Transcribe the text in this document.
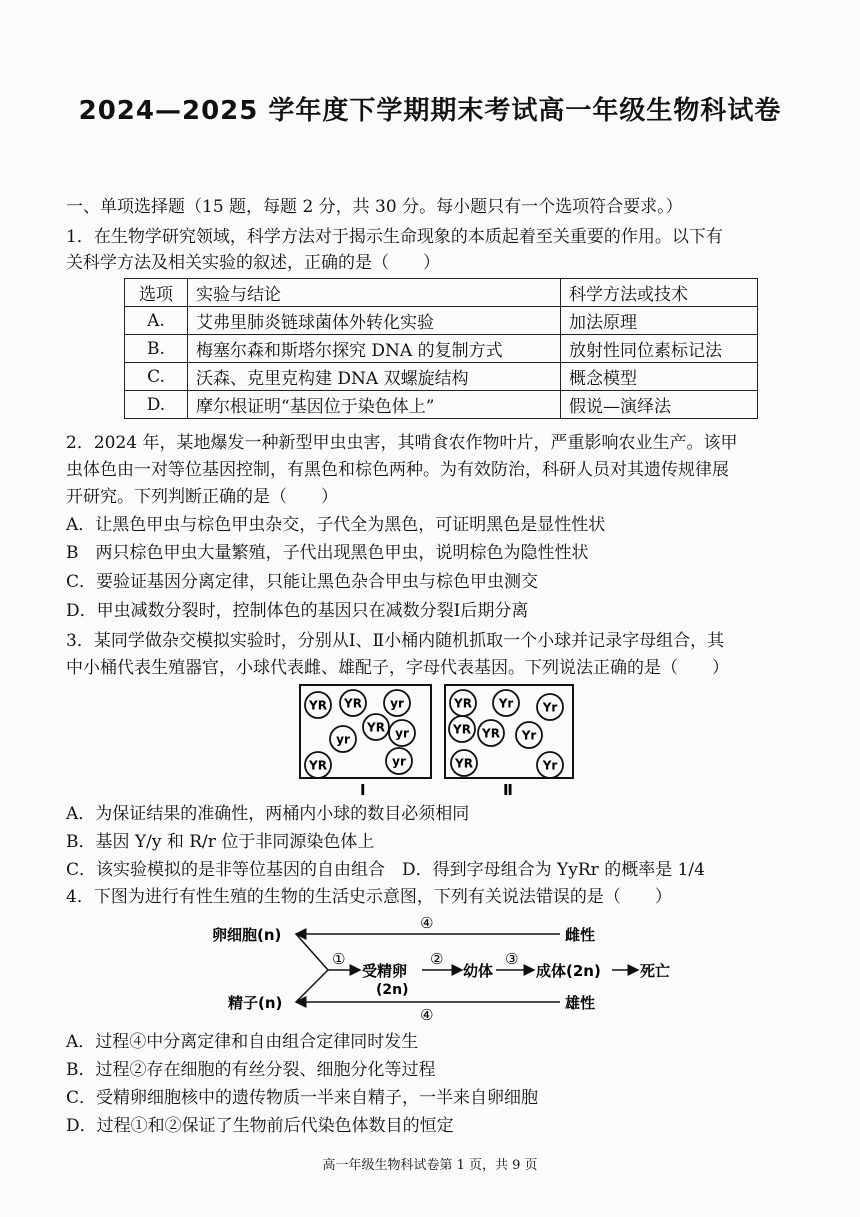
2024—2025 学年度下学期期末考试高一年级生物科试卷
一、单项选择题（15 题，每题 2 分，共 30 分。每小题只有一个选项符合要求。）
1．在生物学研究领域，科学方法对于揭示生命现象的本质起着至关重要的作用。以下有
关科学方法及相关实验的叙述，正确的是（　　）
选项	实验与结论	科学方法或技术
A.	艾弗里肺炎链球菌体外转化实验	加法原理
B.	梅塞尔森和斯塔尔探究 DNA 的复制方式	放射性同位素标记法
C.	沃森、克里克构建 DNA 双螺旋结构	概念模型
D.	摩尔根证明“基因位于染色体上”	假说—演绎法
2．2024 年，某地爆发一种新型甲虫虫害，其啃食农作物叶片，严重影响农业生产。该甲
虫体色由一对等位基因控制，有黑色和棕色两种。为有效防治，科研人员对其遗传规律展
开研究。下列判断正确的是（　　）
A．让黑色甲虫与棕色甲虫杂交，子代全为黑色，可证明黑色是显性性状
B　两只棕色甲虫大量繁殖，子代出现黑色甲虫，说明棕色为隐性性状
C．要验证基因分离定律，只能让黑色杂合甲虫与棕色甲虫测交
D．甲虫减数分裂时，控制体色的基因只在减数分裂Ⅰ后期分离
3．某同学做杂交模拟实验时，分别从Ⅰ、Ⅱ小桶内随机抓取一个小球并记录字母组合，其
中小桶代表生殖器官，小球代表雌、雄配子，字母代表基因。下列说法正确的是（　　）
YR YR yr
YR
yr	yr
YR	yr
YR Yr Yr
YR YR Yr
YR	Yr
Ⅰ	Ⅱ
A．为保证结果的准确性，两桶内小球的数目必须相同
B．基因 Y/y 和 R/r 位于非同源染色体上
C．该实验模拟的是非等位基因的自由组合　D．得到字母组合为 YyRr 的概率是 1/4
4．下图为进行有性生殖的生物的生活史示意图，下列有关说法错误的是（　　）
卵细胞(n)
④
雌性
①
受精卵
(2n)
②
幼体
③
成体(2n)	死亡
精子(n)
④
雄性
A．过程④中分离定律和自由组合定律同时发生
B．过程②存在细胞的有丝分裂、细胞分化等过程
C．受精卵细胞核中的遗传物质一半来自精子，一半来自卵细胞
D．过程①和②保证了生物前后代染色体数目的恒定
高一年级生物科试卷第 1 页，共 9 页
